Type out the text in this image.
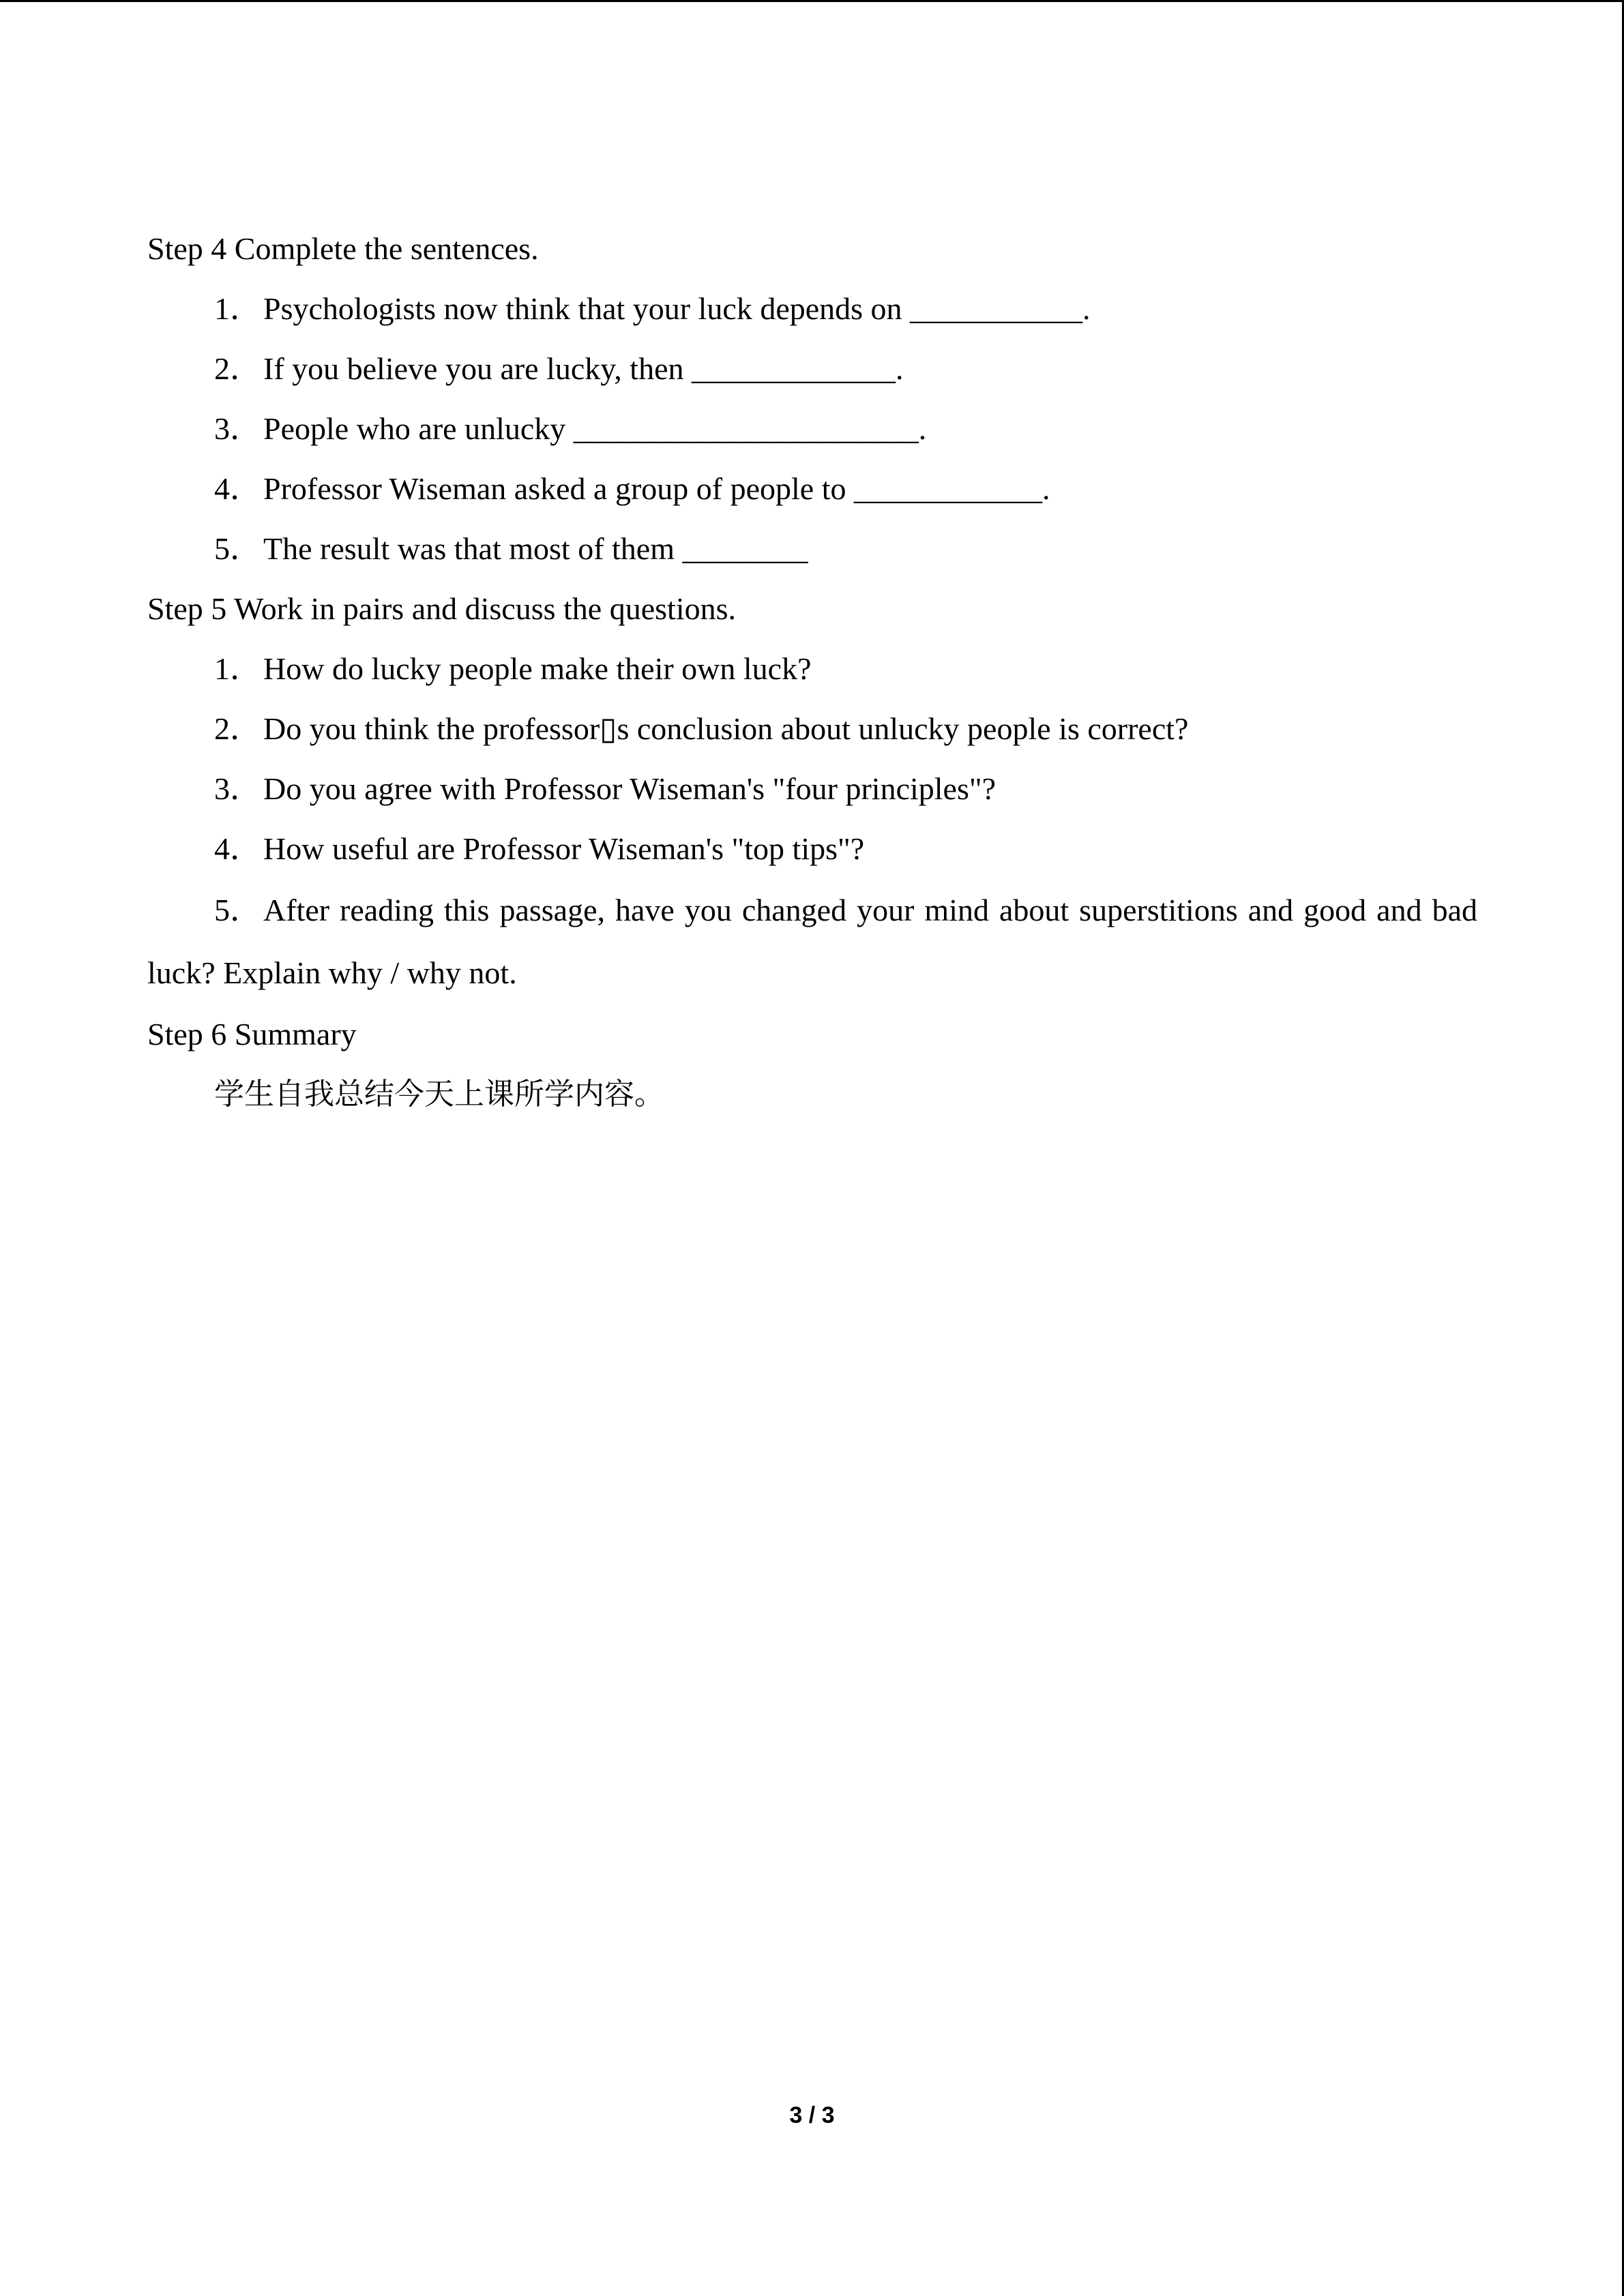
Step 4 Complete the sentences.
1．Psychologists now think that your luck depends on ___________.
2．If you believe you are lucky, then _____________.
3．People who are unlucky ______________________.
4．Professor Wiseman asked a group of people to ____________.
5．The result was that most of them ________
Step 5 Work in pairs and discuss the questions.
1．How do lucky people make their own luck?
2．Do you think the professor▯s conclusion about unlucky people is correct?
3．Do you agree with Professor Wiseman's "four principles"?
4．How useful are Professor Wiseman's "top tips"?
5．After reading this passage, have you changed your mind about superstitions and good and bad luck? Explain why / why not.
Step 6 Summary
学生自我总结今天上课所学内容。
3 / 3
